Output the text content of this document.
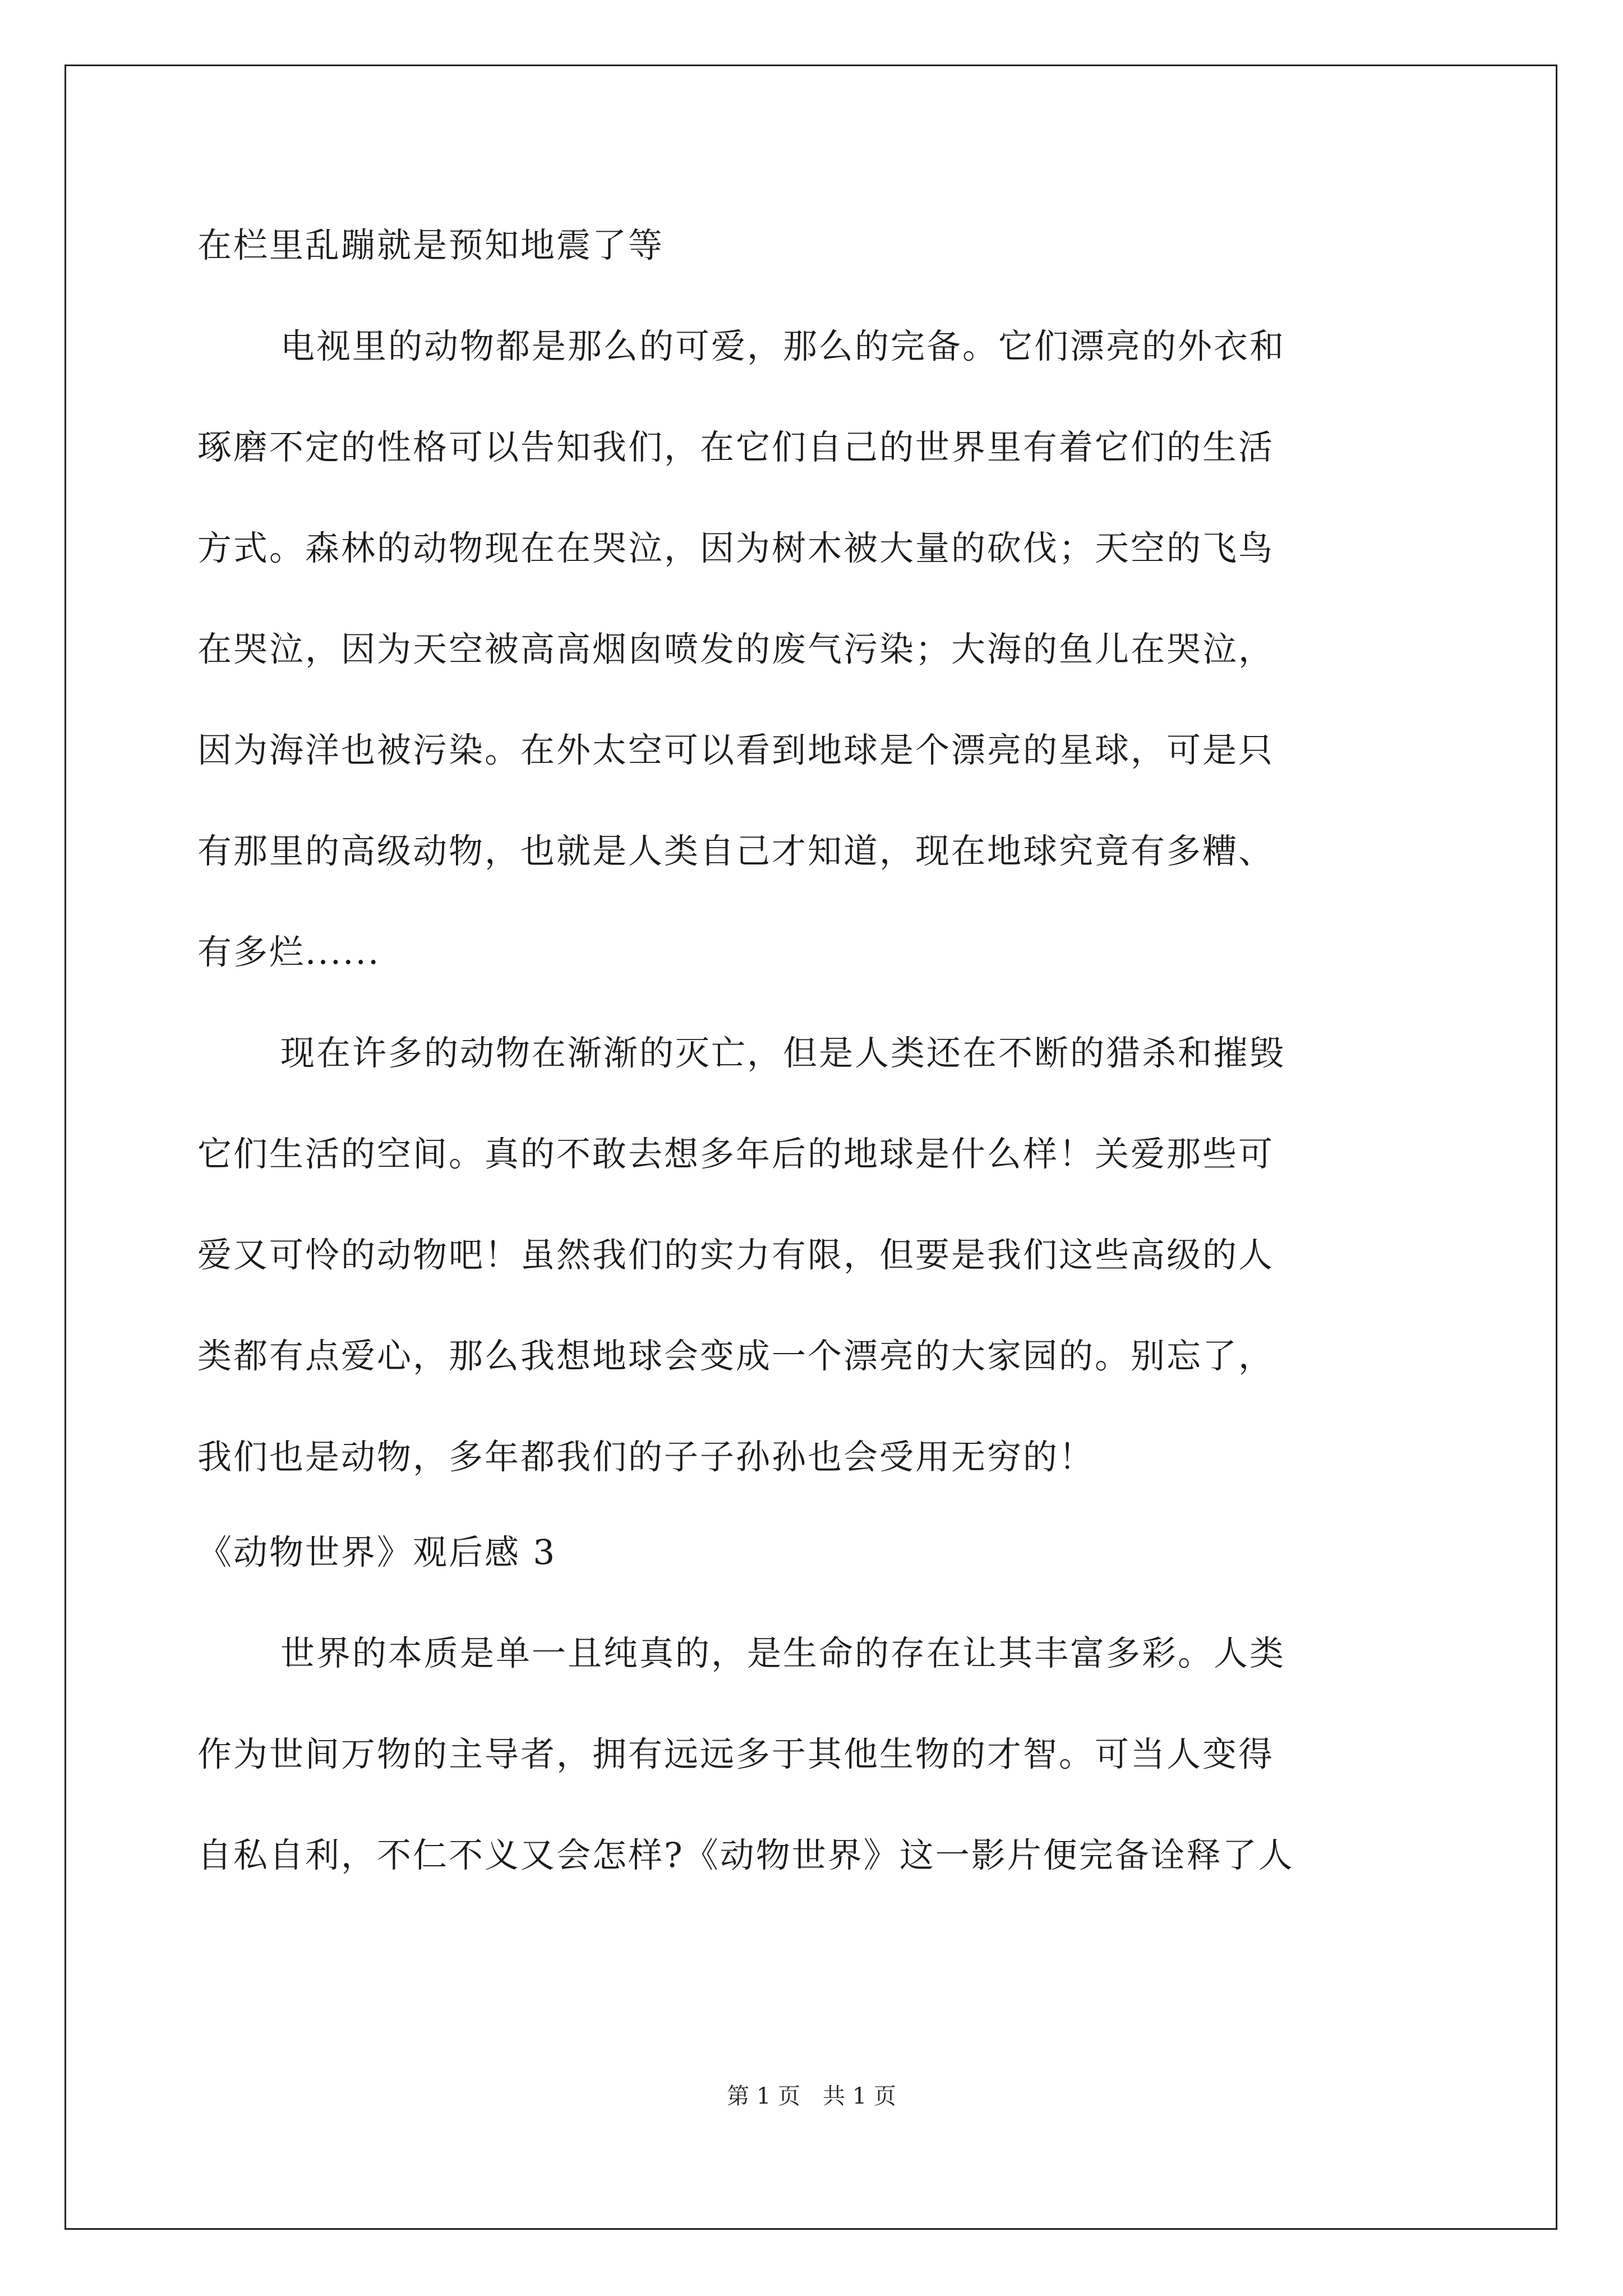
在栏里乱蹦就是预知地震了等
电视里的动物都是那么的可爱，那么的完备。它们漂亮的外衣和
琢磨不定的性格可以告知我们，在它们自己的世界里有着它们的生活
方式。森林的动物现在在哭泣，因为树木被大量的砍伐；天空的飞鸟
在哭泣，因为天空被高高烟囱喷发的废气污染；大海的鱼儿在哭泣，
因为海洋也被污染。在外太空可以看到地球是个漂亮的星球，可是只
有那里的高级动物，也就是人类自己才知道，现在地球究竟有多糟、
有多烂......
现在许多的动物在渐渐的灭亡，但是人类还在不断的猎杀和摧毁
它们生活的空间。真的不敢去想多年后的地球是什么样！关爱那些可
爱又可怜的动物吧！虽然我们的实力有限，但要是我们这些高级的人
类都有点爱心，那么我想地球会变成一个漂亮的大家园的。别忘了，
我们也是动物，多年都我们的子子孙孙也会受用无穷的！
《动物世界》观后感 3
世界的本质是单一且纯真的，是生命的存在让其丰富多彩。人类
作为世间万物的主导者，拥有远远多于其他生物的才智。可当人变得
自私自利，不仁不义又会怎样?《动物世界》这一影片便完备诠释了人
第 1 页　共 1 页
